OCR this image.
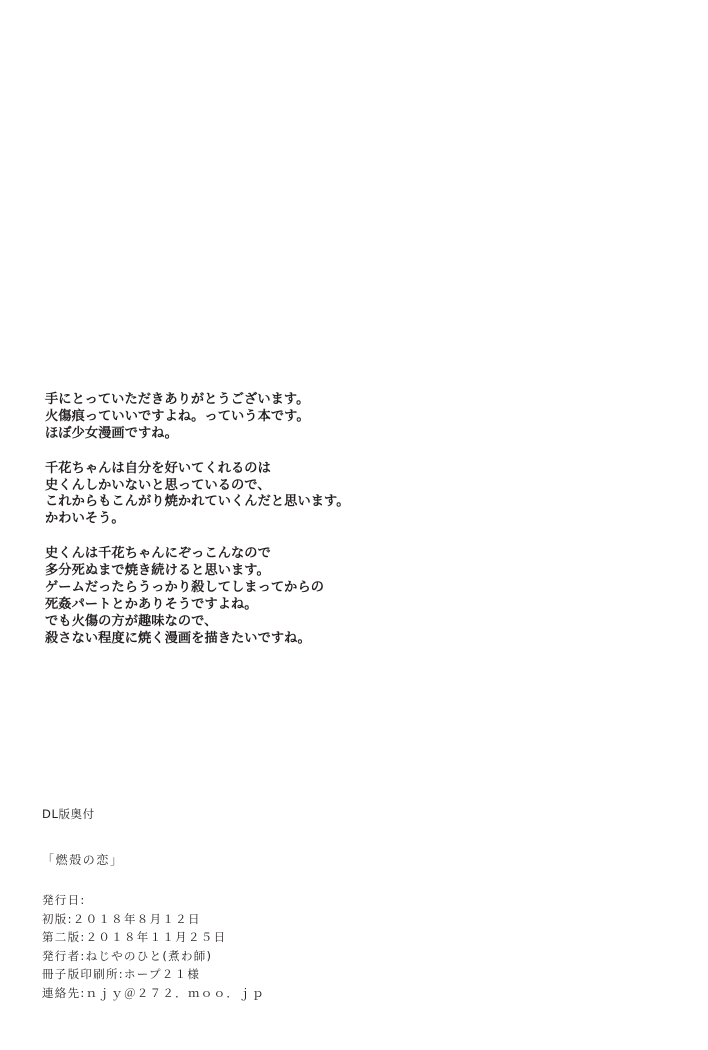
手にとっていただきありがとうございます。
火傷痕っていいですよね。っていう本です。
ほぼ少女漫画ですね。
千花ちゃんは自分を好いてくれるのは
史くんしかいないと思っているので、
これからもこんがり焼かれていくんだと思います。
かわいそう。
史くんは千花ちゃんにぞっこんなので
多分死ぬまで焼き続けると思います。
ゲームだったらうっかり殺してしまってからの
死姦パートとかありそうですよね。
でも火傷の方が趣味なので、
殺さない程度に焼く漫画を描きたいですね。
DL版奥付
「燃殻の恋」
発行日:
初版:２０１８年８月１２日
第二版:２０１８年１１月２５日
発行者:ねじやのひと(煮わ師)
冊子版印刷所:ホープ２１様
連絡先:ｎｊｙ＠２７２．ｍｏｏ．ｊｐ
